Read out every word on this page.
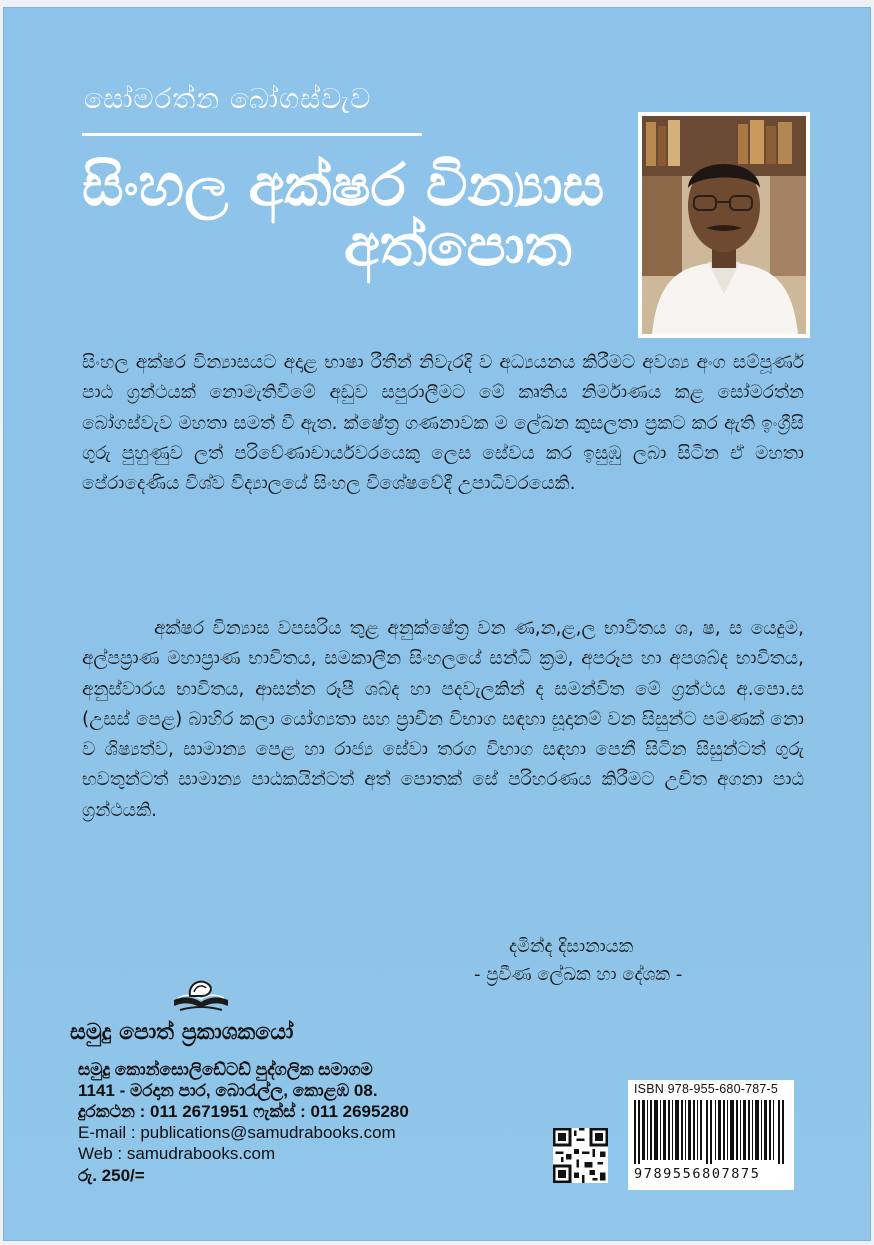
සෝමරත්න බෝගස්වැව
සිංහල අක්ෂර වින්‍යාස
අත්පොත

සිංහල අක්ෂර වින්‍යාසයට අදාළ භාෂා රීතීන් නිවැරදි ව අධ්‍යයනය කිරීමට අවශ්‍ය අංග සම්පූර්ණ පාඨ ග්‍රන්ථයක් නොමැතිවීමේ අඩුව සපුරාලීමට මේ කෘතිය නිර්මාණය කළ සෝමරත්න බෝගස්වැව මහතා සමත් වී ඇත. ක්ෂේත්‍ර ගණනාවක ම ලේඛන කුසලතා ප්‍රකට කර ඇති ඉංග්‍රීසි ගුරු පුහුණුව ලත් පරිවේණාචාර්යවරයෙකු ලෙස සේවය කර ඉසුඹු ලබා සිටින ඒ මහතා පේරාදෙණිය විශ්ව විද්‍යාලයේ සිංහල විශේෂවේදී උපාධිවරයෙකි.

අක්ෂර වින්‍යාස වපසරිය තුළ අනුක්ෂේත්‍ර වන ණ,න,ළ,ල භාවිතය ශ, ෂ, ස යෙදුම, අල්පප්‍රාණ මහාප්‍රාණ භාවිතය, සමකාලීන සිංහලයේ සන්ධි ක්‍රම, අපරූප හා අපශබ්ද භාවිතය, අනුස්වාරය භාවිතය, ආසන්න රූපී ශබ්ද හා පදවැලකින් ද සමන්විත මේ ග්‍රන්ථය අ.පො.ස (උසස් පෙළ) බාහිර කලා යෝග්‍යතා සහ ප්‍රාචීන විභාග සඳහා සූදානම් වන සිසුන්ට පමණක් නො ව ශිෂ්‍යත්ව, සාමාන්‍ය පෙළ හා රාජ්‍ය සේවා තරග විභාග සඳහා පෙනී සිටින සිසුන්ටත් ගුරු භවතුන්ටත් සාමාන්‍ය පාඨකයින්ටත් අත් පොතක් සේ පරිහරණය කිරීමට උචිත අගනා පාඨ ග්‍රන්ථයකි.

දමින්ද දිසානායක
- ප්‍රවීණ ලේඛක හා දේශක -
සමුදු පොත් ප්‍රකාශකයෝ
සමුදු කොන්සොලිඩේටඩ් පුද්ගලික සමාගම
1141 - මරදාන පාර, බොරැල්ල, කොළඹ 08.
දුරකථන : 011 2671951 ෆැක්ස් : 011 2695280
E-mail : publications@samudrabooks.com
Web : samudrabooks.com
රු. 250/=
ISBN 978-955-680-787-5
9789556807875
